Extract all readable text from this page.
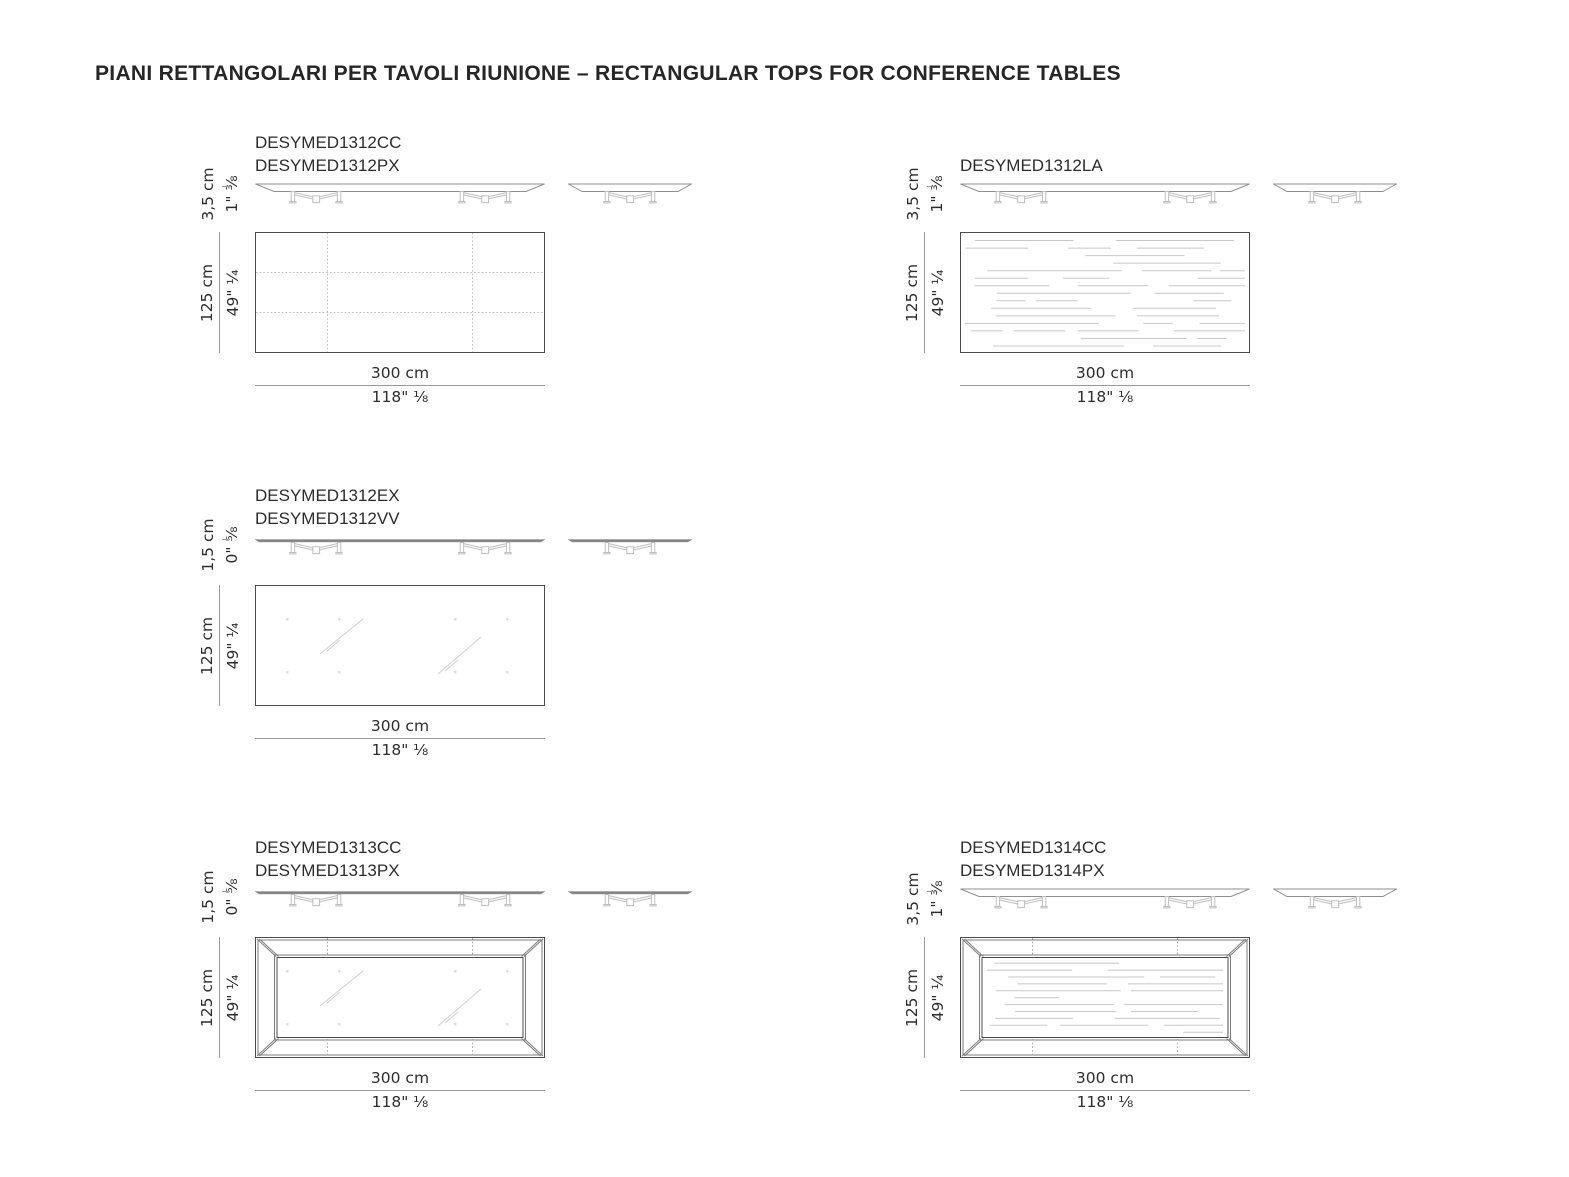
PIANI RETTANGOLARI PER TAVOLI RIUNIONE – RECTANGULAR TOPS FOR CONFERENCE TABLES
DESYMED1312CC
DESYMED1312PX
3,5 cm 1" ⅜
125 cm 49" ¼
300 cm
118" ⅛
DESYMED1312LA
3,5 cm 1" ⅜
125 cm 49" ¼
300 cm
118" ⅛
DESYMED1312EX
DESYMED1312VV
1,5 cm 0" ⅝
125 cm 49" ¼
300 cm
118" ⅛
DESYMED1313CC
DESYMED1313PX
1,5 cm 0" ⅝
125 cm 49" ¼
300 cm
118" ⅛
DESYMED1314CC
DESYMED1314PX
3,5 cm 1" ⅜
125 cm 49" ¼
300 cm
118" ⅛
